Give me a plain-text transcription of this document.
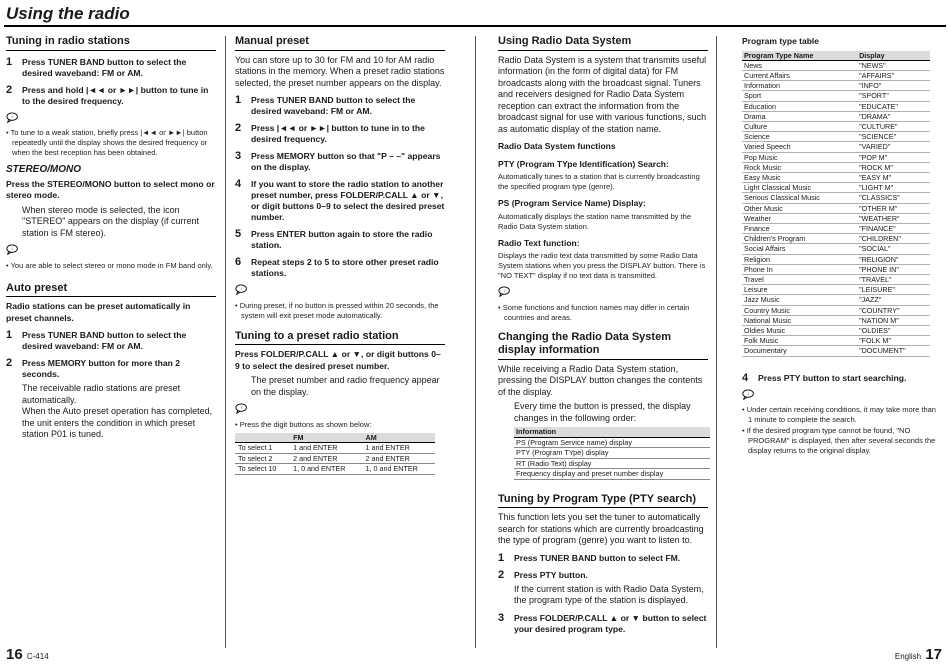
Using the radio
Tuning in radio stations
1	Press TUNER BAND button to select the desired waveband: FM or AM.
2	Press and hold |◄◄ or ►►| button to tune in to the desired frequency.
• To tune to a weak station, briefly press |◄◄ or ►►| button repeatedly until the display shows the desired frequency or when the best reception has been obtained.
STEREO/MONO

Press the STEREO/MONO button to select mono or stereo mode.

When stereo mode is selected, the icon "STEREO" appears on the display (if current station is FM stereo).

• You are able to select stereo or mono mode in FM band only.
Auto preset

Radio stations can be preset automatically in preset channels.

1	Press TUNER BAND button to select the desired waveband: FM or AM.
2	Press MEMORY button for more than 2 seconds.

The receivable radio stations are preset automatically.

When the Auto preset operation has completed, the unit enters the condition in which preset station P01 is tuned.

16 C-414
Manual preset

You can store up to 30 for FM and 10 for AM radio stations in the memory. When a preset radio stations selected, the preset number appears on the display.

1	Press TUNER BAND button to select the desired waveband: FM or AM.
2	Press |◄◄ or ►►| button to tune in to the desired frequency.
3	Press MEMORY button so that "P – –" appears on the display.
4	If you want to store the radio station to another preset number, press FOLDER/P.CALL ▲ or ▼, or digit buttons 0–9 to select the desired preset number.
5	Press ENTER button again to store the radio station.
6	Repeat steps 2 to 5 to store other preset radio stations.
• During preset, if no button is pressed within 20 seconds, the system will exit preset mode automatically.
Tuning to a preset radio station

Press FOLDER/P.CALL ▲ or ▼, or digit buttons 0–9 to select the desired preset number.

The preset number and radio frequency appear on the display.

• Press the digit buttons as shown below:
	FM	AM
To select 1	1 and ENTER	1 and ENTER
To select 2	2 and ENTER	2 and ENTER
To select 10	1, 0 and ENTER	1, 0 and ENTER
Using Radio Data System

Radio Data System is a system that transmits useful information (in the form of digital data) for FM broadcasts along with the broadcast signal. Tuners and receivers designed for Radio Data System reception can extract the information from the broadcast signal for use with various functions, such as automatic display of the station name.

Radio Data System functions
PTY (Program TYpe Identification) Search:

Automatically tunes to a station that is currently broadcasting the specified program type (genre).

PS (Program Service Name) Display:

Automatically displays the station name transmitted by the Radio Data System station.

Radio Text function:

Displays the radio text data transmitted by some Radio Data System stations when you press the DISPLAY button. There is "NO TEXT" display if no text data is transmitted.

• Some functions and function names may differ in certain countries and areas.
Changing the Radio Data System display information

While receiving a Radio Data System station, pressing the DISPLAY button changes the contents of the display.

Every time the button is pressed, the display changes in the following order:

Information
PS (Program Service name) display
PTY (Program TYpe) display
RT (Radio Text) display
Frequency display and preset number display
Tuning by Program Type (PTY search)

This function lets you set the tuner to automatically search for stations which are currently broadcasting the type of program (genre) you want to listen to.

1	Press TUNER BAND button to select FM.
2	Press PTY button.

If the current station is with Radio Data System, the program type of the station is displayed.

3	Press FOLDER/P.CALL ▲ or ▼ button to select your desired program type.
Program type table
Program Type Name	Display
News	"NEWS"
Current Affairs	"AFFAIRS"
Information	"INFO"
Sport	"SPORT"
Education	"EDUCATE"
Drama	"DRAMA"
Culture	"CULTURE"
Science	"SCIENCE"
Varied Speech	"VARIED"
Pop Music	"POP M"
Rock Music	"ROCK M"
Easy Music	"EASY M"
Light Classical Music	"LIGHT M"
Serious Classical Music	"CLASSICS"
Other Music	"OTHER M"
Weather	"WEATHER"
Finance	"FINANCE"
Children's Program	"CHILDREN"
Social Affairs	"SOCIAL"
Religion	"RELIGION"
Phone In	"PHONE IN"
Travel	"TRAVEL"
Leisure	"LEISURE"
Jazz Music	"JAZZ"
Country Music	"COUNTRY"
National Music	"NATION M"
Oldies Music	"OLDIES"
Folk Music	"FOLK M"
Documentary	"DOCUMENT"
4	Press PTY button to start searching.
• Under certain receiving conditions, it may take more than 1 minute to complete the search.
• If the desired program type cannot be found, "NO PROGRAM" is displayed, then after several seconds the display returns to the original display.
English 17
